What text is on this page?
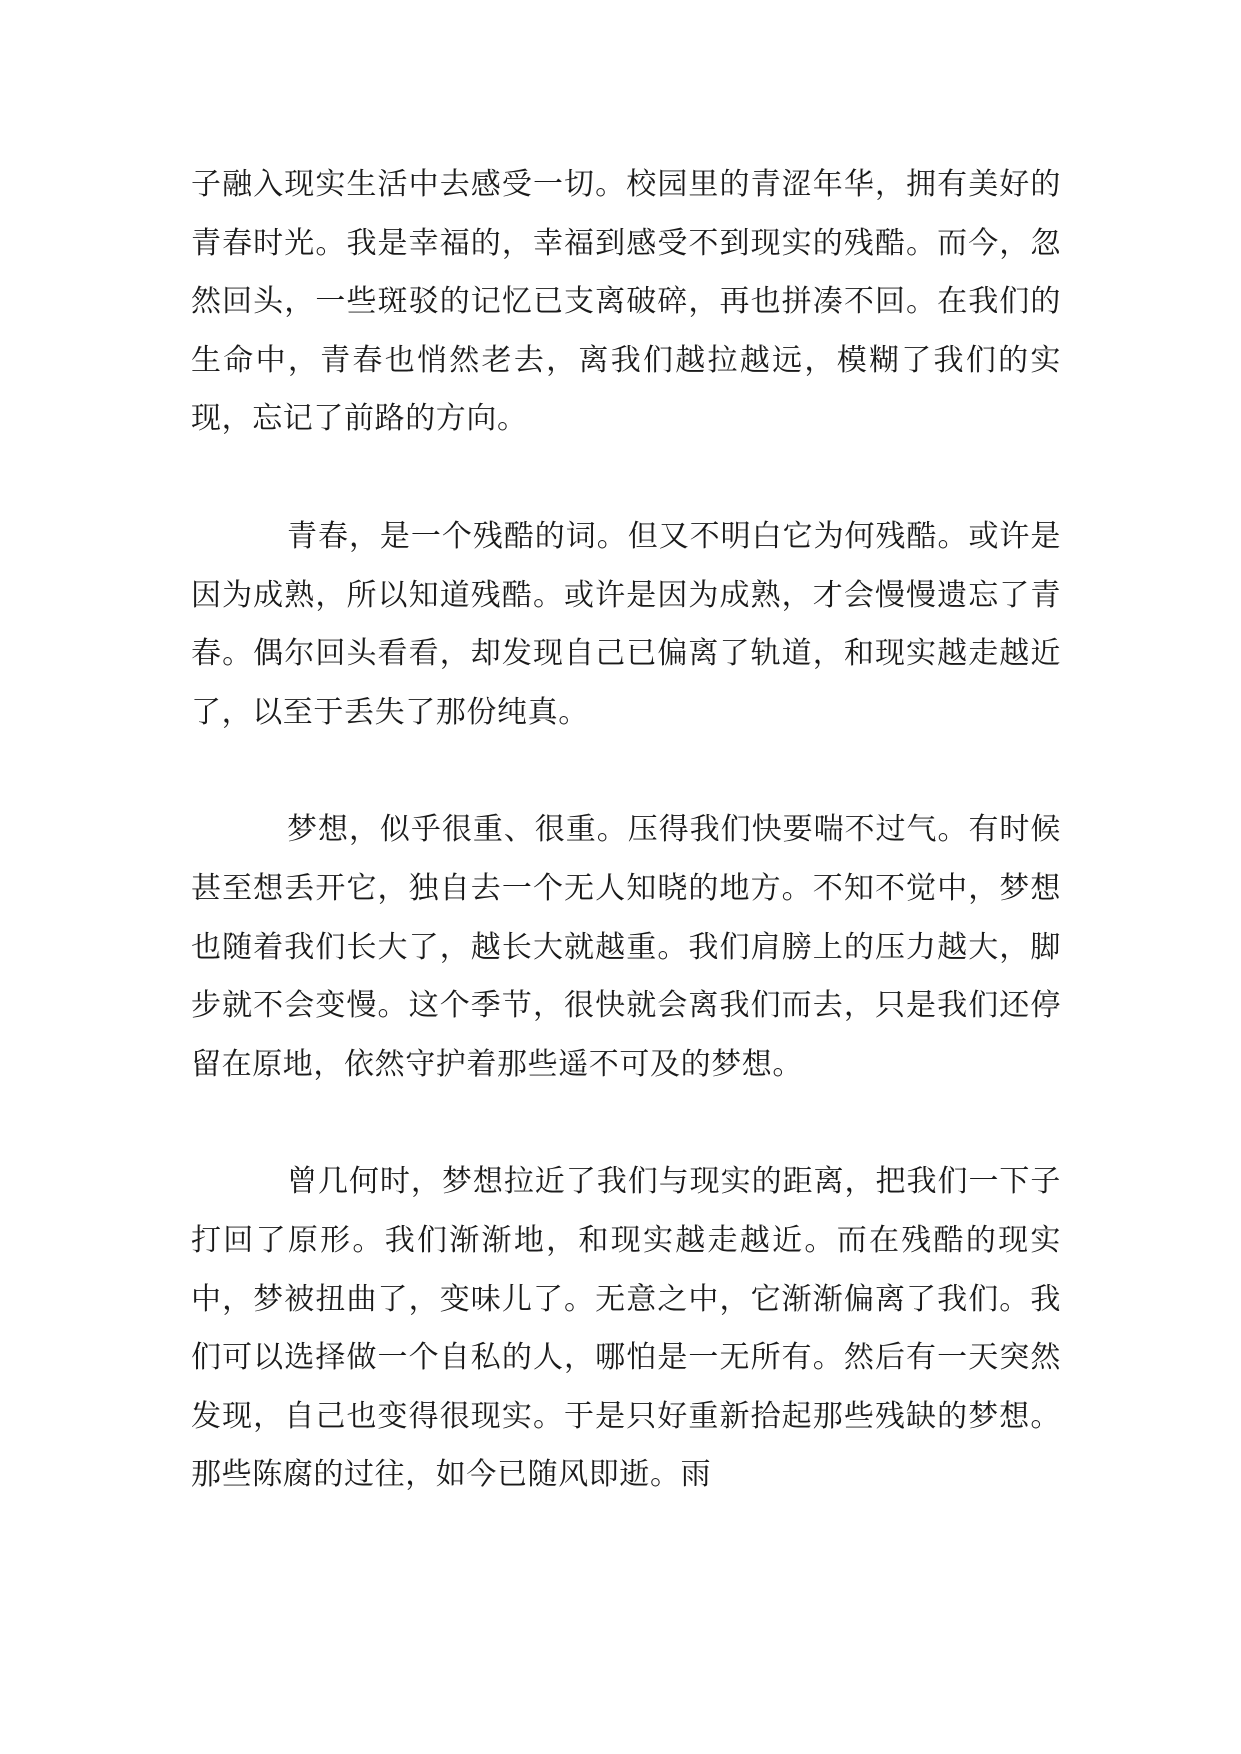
子融入现实生活中去感受一切。校园里的青涩年华，拥有美好的青春时光。我是幸福的，幸福到感受不到现实的残酷。而今，忽然回头，一些斑驳的记忆已支离破碎，再也拼凑不回。在我们的生命中，青春也悄然老去，离我们越拉越远，模糊了我们的实现，忘记了前路的方向。

青春，是一个残酷的词。但又不明白它为何残酷。或许是因为成熟，所以知道残酷。或许是因为成熟，才会慢慢遗忘了青春。偶尔回头看看，却发现自己已偏离了轨道，和现实越走越近了，以至于丢失了那份纯真。

梦想，似乎很重、很重。压得我们快要喘不过气。有时候甚至想丢开它，独自去一个无人知晓的地方。不知不觉中，梦想也随着我们长大了，越长大就越重。我们肩膀上的压力越大，脚步就不会变慢。这个季节，很快就会离我们而去，只是我们还停留在原地，依然守护着那些遥不可及的梦想。

曾几何时，梦想拉近了我们与现实的距离，把我们一下子打回了原形。我们渐渐地，和现实越走越近。而在残酷的现实中，梦被扭曲了，变味儿了。无意之中，它渐渐偏离了我们。我们可以选择做一个自私的人，哪怕是一无所有。然后有一天突然发现，自己也变得很现实。于是只好重新拾起那些残缺的梦想。那些陈腐的过往，如今已随风即逝。雨
